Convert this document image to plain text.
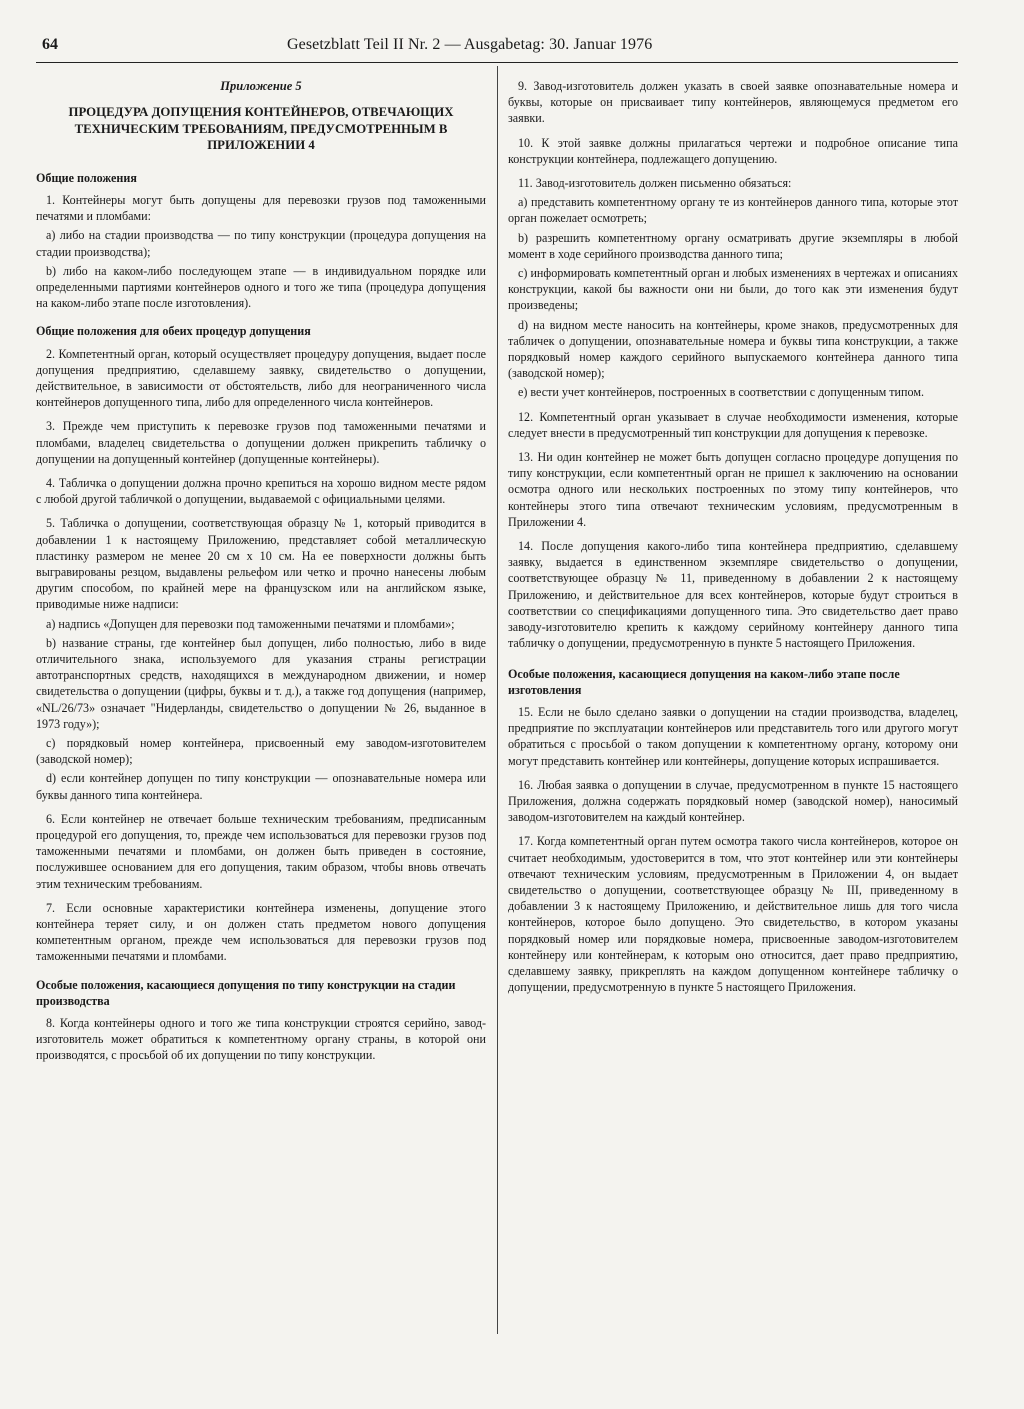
64	Gesetzblatt Teil II Nr. 2 — Ausgabetag: 30. Januar 1976
Приложение 5
ПРОЦЕДУРА ДОПУЩЕНИЯ КОНТЕЙНЕРОВ, ОТВЕЧАЮЩИХ ТЕХНИЧЕСКИМ ТРЕБОВАНИЯМ, ПРЕДУСМОТРЕННЫМ В ПРИЛОЖЕНИИ 4
Общие положения

1. Контейнеры могут быть допущены для перевозки грузов под таможенными печатями и пломбами:

a) либо на стадии производства — по типу конструкции (процедура допущения на стадии производства);

b) либо на каком-либо последующем этапе — в индивидуальном порядке или определенными партиями контейнеров одного и того же типа (процедура допущения на каком-либо этапе после изготовления).

Общие положения для обеих процедур допущения

2. Компетентный орган, который осуществляет процедуру допущения, выдает после допущения предприятию, сделавшему заявку, свидетельство о допущении, действительное, в зависимости от обстоятельств, либо для неограниченного числа контейнеров допущенного типа, либо для определенного числа контейнеров.

3. Прежде чем приступить к перевозке грузов под таможенными печатями и пломбами, владелец свидетельства о допущении должен прикрепить табличку о допущении на допущенный контейнер (допущенные контейнеры).

4. Табличка о допущении должна прочно крепиться на хорошо видном месте рядом с любой другой табличкой о допущении, выдаваемой с официальными целями.

5. Табличка о допущении, соответствующая образцу № 1, который приводится в добавлении 1 к настоящему Приложению, представляет собой металлическую пластинку размером не менее 20 см x 10 см. На ее поверхности должны быть выгравированы резцом, выдавлены рельефом или четко и прочно нанесены любым другим способом, по крайней мере на французском или на английском языке, приводимые ниже надписи:

a) надпись «Допущен для перевозки под таможенными печатями и пломбами»;

b) название страны, где контейнер был допущен, либо полностью, либо в виде отличительного знака, используемого для указания страны регистрации автотранспортных средств, находящихся в международном движении, и номер свидетельства о допущении (цифры, буквы и т. д.), а также год допущения (например, «NL/26/73» означает "Нидерланды, свидетельство о допущении № 26, выданное в 1973 году»);

c) порядковый номер контейнера, присвоенный ему заводом-изготовителем (заводской номер);

d) если контейнер допущен по типу конструкции — опознавательные номера или буквы данного типа контейнера.

6. Если контейнер не отвечает больше техническим требованиям, предписанным процедурой его допущения, то, прежде чем использоваться для перевозки грузов под таможенными печатями и пломбами, он должен быть приведен в состояние, послужившее основанием для его допущения, таким образом, чтобы вновь отвечать этим техническим требованиям.

7. Если основные характеристики контейнера изменены, допущение этого контейнера теряет силу, и он должен стать предметом нового допущения компетентным органом, прежде чем использоваться для перевозки грузов под таможенными печатями и пломбами.

Особые положения, касающиеся допущения по типу конструкции на стадии производства

8. Когда контейнеры одного и того же типа конструкции строятся серийно, завод-изготовитель может обратиться к компетентному органу страны, в которой они производятся, с просьбой об их допущении по типу конструкции.

9. Завод-изготовитель должен указать в своей заявке опознавательные номера и буквы, которые он присваивает типу контейнеров, являющемуся предметом его заявки.

10. К этой заявке должны прилагаться чертежи и подробное описание типа конструкции контейнера, подлежащего допущению.

11. Завод-изготовитель должен письменно обязаться:

a) представить компетентному органу те из контейнеров данного типа, которые этот орган пожелает осмотреть;

b) разрешить компетентному органу осматривать другие экземпляры в любой момент в ходе серийного производства данного типа;

c) информировать компетентный орган и любых изменениях в чертежах и описаниях конструкции, какой бы важности они ни были, до того как эти изменения будут произведены;

d) на видном месте наносить на контейнеры, кроме знаков, предусмотренных для табличек о допущении, опознавательные номера и буквы типа конструкции, а также порядковый номер каждого серийного выпускаемого контейнера данного типа (заводской номер);

e) вести учет контейнеров, построенных в соответствии с допущенным типом.

12. Компетентный орган указывает в случае необходимости изменения, которые следует внести в предусмотренный тип конструкции для допущения к перевозке.

13. Ни один контейнер не может быть допущен согласно процедуре допущения по типу конструкции, если компетентный орган не пришел к заключению на основании осмотра одного или нескольких построенных по этому типу контейнеров, что контейнеры этого типа отвечают техническим условиям, предусмотренным в Приложении 4.

14. После допущения какого-либо типа контейнера предприятию, сделавшему заявку, выдается в единственном экземпляре свидетельство о допущении, соответствующее образцу № 11, приведенному в добавлении 2 к настоящему Приложению, и действительное для всех контейнеров, которые будут строиться в соответствии со спецификациями допущенного типа. Это свидетельство дает право заводу-изготовителю крепить к каждому серийному контейнеру данного типа табличку о допущении, предусмотренную в пункте 5 настоящего Приложения.

Особые положения, касающиеся допущения на каком-либо этапе после изготовления

15. Если не было сделано заявки о допущении на стадии производства, владелец, предприятие по эксплуатации контейнеров или представитель того или другого могут обратиться с просьбой о таком допущении к компетентному органу, которому они могут представить контейнер или контейнеры, допущение которых испрашивается.

16. Любая заявка о допущении в случае, предусмотренном в пункте 15 настоящего Приложения, должна содержать порядковый номер (заводской номер), наносимый заводом-изготовителем на каждый контейнер.

17. Когда компетентный орган путем осмотра такого числа контейнеров, которое он считает необходимым, удостоверится в том, что этот контейнер или эти контейнеры отвечают техническим условиям, предусмотренным в Приложении 4, он выдает свидетельство о допущении, соответствующее образцу № III, приведенному в добавлении 3 к настоящему Приложению, и действительное лишь для того числа контейнеров, которое было допущено. Это свидетельство, в котором указаны порядковый номер или порядковые номера, присвоенные заводом-изготовителем контейнеру или контейнерам, к которым оно относится, дает право предприятию, сделавшему заявку, прикреплять на каждом допущенном контейнере табличку о допущении, предусмотренную в пункте 5 настоящего Приложения.
